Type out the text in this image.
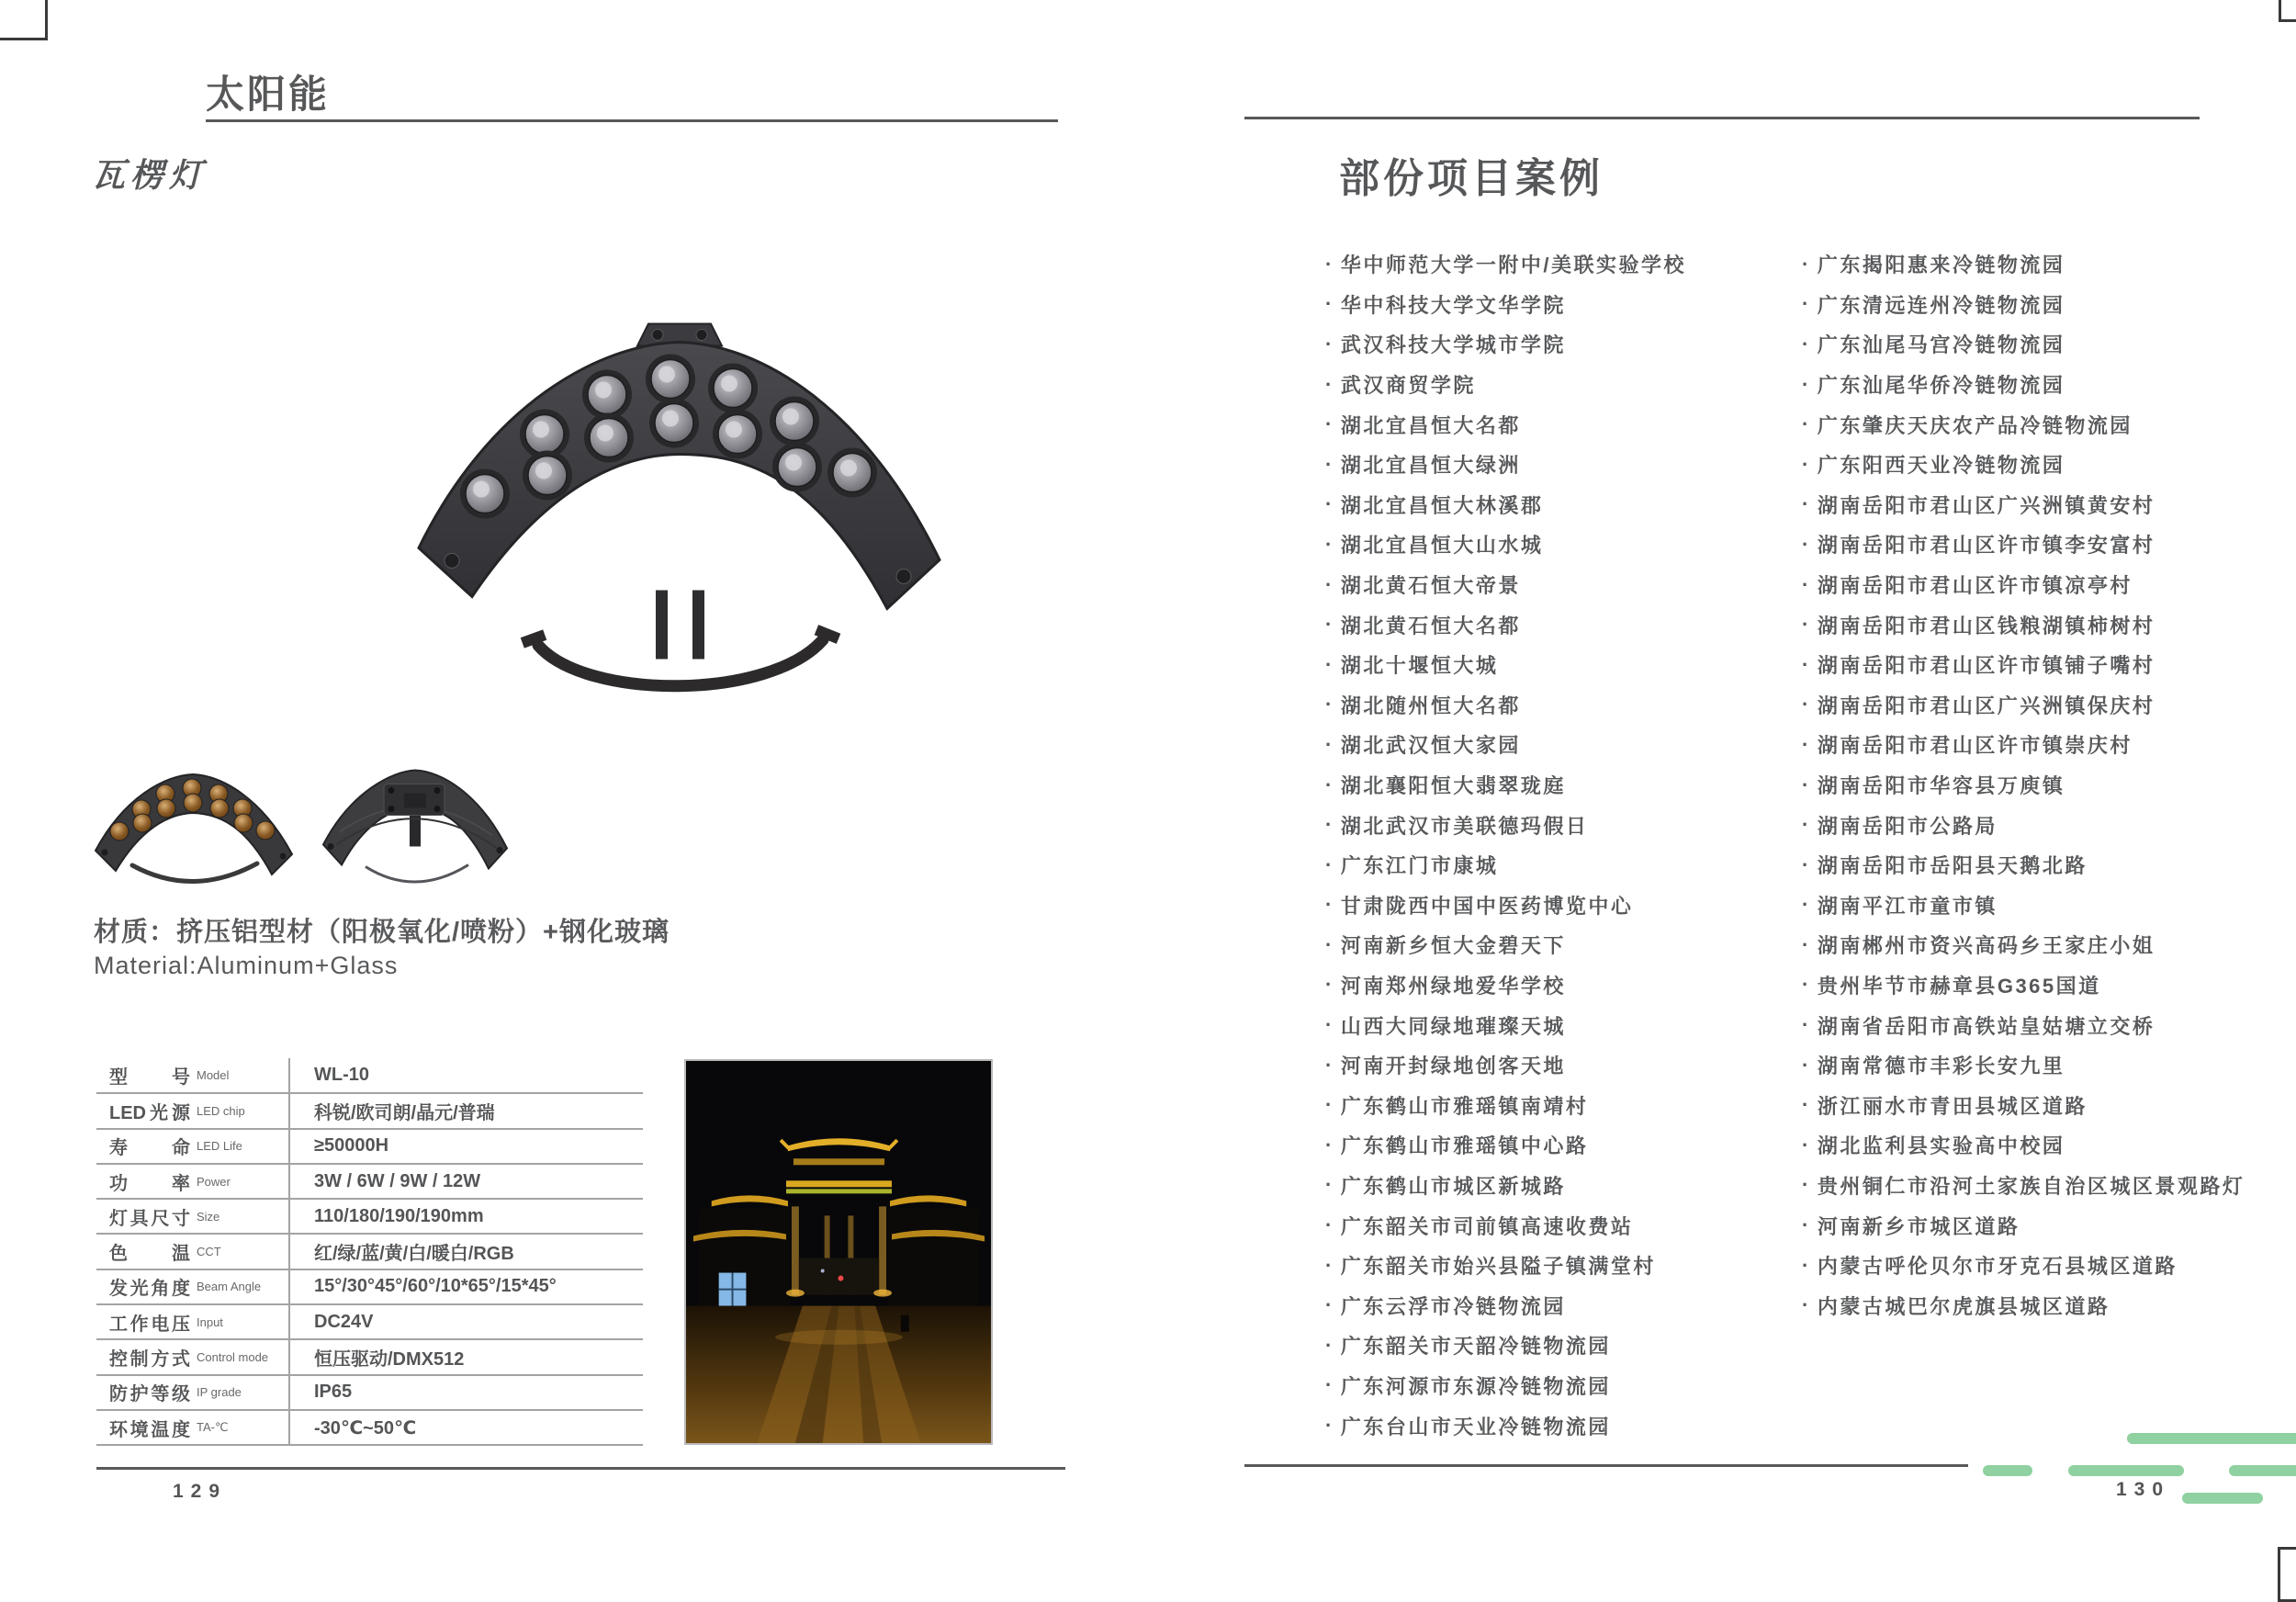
太阳能
瓦楞灯
材质：挤压铝型材（阳极氧化/喷粉）+钢化玻璃
Material:Aluminum+Glass
型 号 Model	WL-10
LED光源 LED chip	科锐/欧司朗/晶元/普瑞
寿 命 LED Life	≥50000H
功 率 Power	3W / 6W / 9W / 12W
灯具尺寸 Size	110/180/190/190mm
色 温 CCT	红/绿/蓝/黄/白/暖白/RGB
发光角度 Beam Angle	15°/30°45°/60°/10*65°/15*45°
工作电压 Input	DC24V
控制方式 Control mode	恒压驱动/DMX512
防护等级 IP grade	IP65
环境温度 TA-℃	-30℃~50℃
129
部份项目案例
· 华中师范大学一附中/美联实验学校
· 华中科技大学文华学院
· 武汉科技大学城市学院
· 武汉商贸学院
· 湖北宜昌恒大名都
· 湖北宜昌恒大绿洲
· 湖北宜昌恒大林溪郡
· 湖北宜昌恒大山水城
· 湖北黄石恒大帝景
· 湖北黄石恒大名都
· 湖北十堰恒大城
· 湖北随州恒大名都
· 湖北武汉恒大家园
· 湖北襄阳恒大翡翠珑庭
· 湖北武汉市美联德玛假日
· 广东江门市康城
· 甘肃陇西中国中医药博览中心
· 河南新乡恒大金碧天下
· 河南郑州绿地爱华学校
· 山西大同绿地璀璨天城
· 河南开封绿地创客天地
· 广东鹤山市雅瑶镇南靖村
· 广东鹤山市雅瑶镇中心路
· 广东鹤山市城区新城路
· 广东韶关市司前镇高速收费站
· 广东韶关市始兴县隘子镇满堂村
· 广东云浮市冷链物流园
· 广东韶关市天韶冷链物流园
· 广东河源市东源冷链物流园
· 广东台山市天业冷链物流园
· 广东揭阳惠来冷链物流园
· 广东清远连州冷链物流园
· 广东汕尾马宫冷链物流园
· 广东汕尾华侨冷链物流园
· 广东肇庆天庆农产品冷链物流园
· 广东阳西天业冷链物流园
· 湖南岳阳市君山区广兴洲镇黄安村
· 湖南岳阳市君山区许市镇李安富村
· 湖南岳阳市君山区许市镇凉亭村
· 湖南岳阳市君山区钱粮湖镇柿树村
· 湖南岳阳市君山区许市镇铺子嘴村
· 湖南岳阳市君山区广兴洲镇保庆村
· 湖南岳阳市君山区许市镇崇庆村
· 湖南岳阳市华容县万庾镇
· 湖南岳阳市公路局
· 湖南岳阳市岳阳县天鹅北路
· 湖南平江市童市镇
· 湖南郴州市资兴高码乡王家庄小姐
· 贵州毕节市赫章县G365国道
· 湖南省岳阳市高铁站皇姑塘立交桥
· 湖南常德市丰彩长安九里
· 浙江丽水市青田县城区道路
· 湖北监利县实验高中校园
· 贵州铜仁市沿河土家族自治区城区景观路灯
· 河南新乡市城区道路
· 内蒙古呼伦贝尔市牙克石县城区道路
· 内蒙古城巴尔虎旗县城区道路
130
